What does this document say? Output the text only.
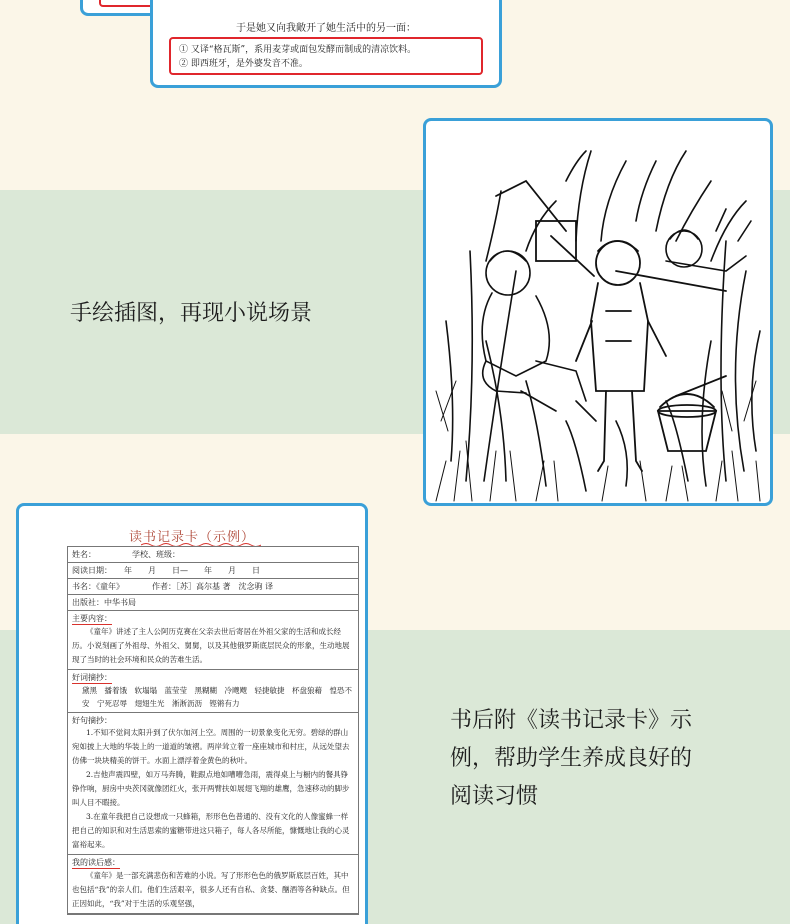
于是她又向我敞开了她生活中的另一面：
① 又译“格瓦斯”，系用麦芽或面包发酵而制成的清凉饮料。
② 即西班牙，是外婆发音不准。
手绘插图，再现小说场景
读书记录卡（示例）
姓名：　　　　　学校、班级：
阅读日期：　　年　　月　　日—　　年　　月　　日
书名：《童年》　　　　作者：［苏］高尔基 著　沈念驹 译
出版社：中华书局
主要内容：
《童年》讲述了主人公阿历克赛在父亲去世后寄居在外祖父家的生活和成长经历。小说刻画了外祖母、外祖父、舅舅，以及其他俄罗斯底层民众的形象，生动地展现了当时的社会环境和民众的苦难生活。
好词摘抄：
黛黑　播着饿　软塌塌　蓝莹莹　黑糊糊　冷飕飕　轻捷敏捷　杯盘狼藉　惶恐不安　宁死忍辱　翅翅生光　淅淅沥沥　铿锵有力
好句摘抄：
1.不知不觉间太阳升到了伏尔加河上空。周围的一切景象变化无穷。碧绿的群山宛如披上大地的华装上的一道道的皱褶。两岸耸立着一座座城市和村庄，从远处望去仿佛一块块精美的饼干。水面上漂浮着金黄色的秋叶。
2.吉他声震四壁，如万马奔腾，鞋跟点地如嘈嘈急雨，震得桌上与橱内的餐具铮铮作响，厨房中央茨冈就像团红火，张开两臂扶如展翅飞翔的雄鹰，急速移动的脚步叫人目不暇接。
3.在童年我把自己设想成一只蜂箱，形形色色普通的、没有文化的人像蜜蜂一样把自己的知识和对生活思索的蜜糖带进这只箱子，每人各尽所能，慷慨地让我的心灵富裕起来。
我的读后感：
《童年》是一部充满悲伤和苦难的小说。写了形形色色的俄罗斯底层百姓，其中也包括“我”的亲人们。他们生活艰辛，很多人还有自私、贪婪、酗酒等各种缺点。但正因如此，“我”对于生活的乐观坚强，
书后附《读书记录卡》示
例，帮助学生养成良好的
阅读习惯
